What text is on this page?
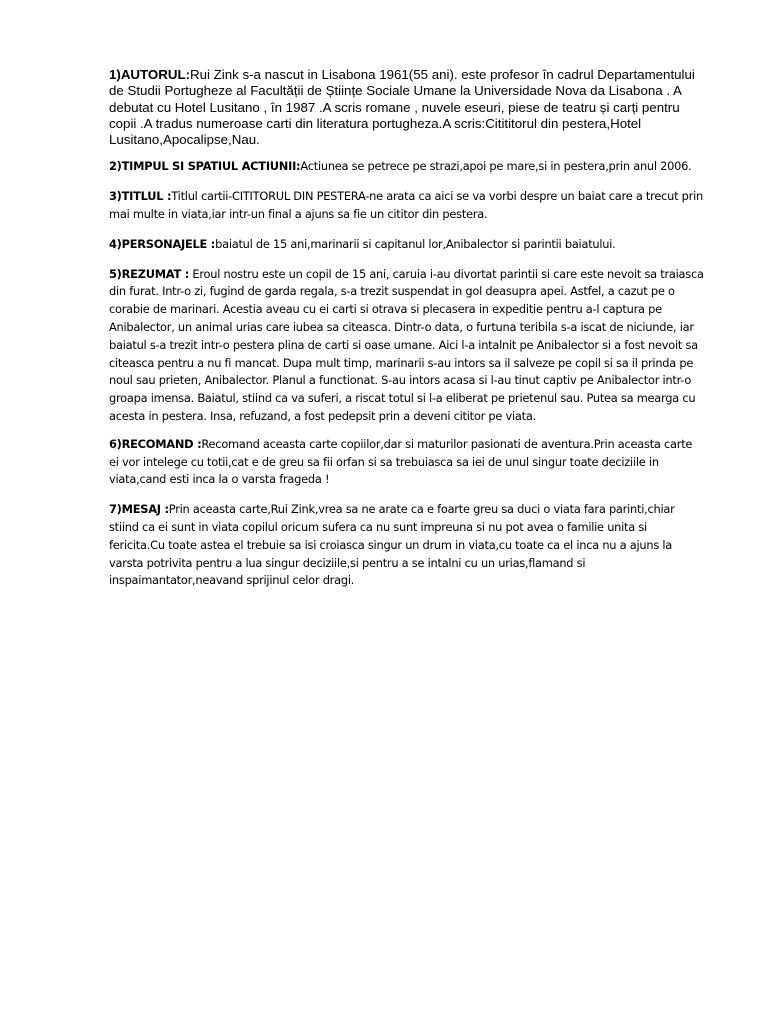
1)AUTORUL:Rui Zink s-a nascut in Lisabona 1961(55 ani). este profesor în cadrul Departamentului de Studii Portugheze al Facultății de Științe Sociale Umane la Universidade Nova da Lisabona . A debutat cu Hotel Lusitano , în 1987 .A scris romane , nuvele eseuri, piese de teatru și carți pentru copii .A tradus numeroase carti din literatura portugheza.A scris:Citititorul din pestera,Hotel Lusitano,Apocalipse,Nau.

2)TIMPUL SI SPATIUL ACTIUNII:Actiunea se petrece pe strazi,apoi pe mare,si in pestera,prin anul 2006.

3)TITLUL :Titlul cartii-CITITORUL DIN PESTERA-ne arata ca aici se va vorbi despre un baiat care a trecut prin mai multe in viata,iar intr-un final a ajuns sa fie un cititor din pestera.

4)PERSONAJELE :baiatul de 15 ani,marinarii si capitanul lor,Anibalector si parintii baiatului.

5)REZUMAT : Eroul nostru este un copil de 15 ani, caruia i-au divortat parintii si care este nevoit sa traiasca din furat. Intr-o zi, fugind de garda regala, s-a trezit suspendat in gol deasupra apei. Astfel, a cazut pe o corabie de marinari. Acestia aveau cu ei carti si otrava si plecasera in expeditie pentru a-l captura pe Anibalector, un animal urias care iubea sa citeasca. Dintr-o data, o furtuna teribila s-a iscat de niciunde, iar baiatul s-a trezit intr-o pestera plina de carti si oase umane. Aici l-a intalnit pe Anibalector si a fost nevoit sa citeasca pentru a nu fi mancat. Dupa mult timp, marinarii s-au intors sa il salveze pe copil si sa il prinda pe noul sau prieten, Anibalector. Planul a functionat. S-au intors acasa si l-au tinut captiv pe Anibalector intr-o groapa imensa. Baiatul, stiind ca va suferi, a riscat totul si l-a eliberat pe prietenul sau. Putea sa mearga cu acesta in pestera. Insa, refuzand, a fost pedepsit prin a deveni cititor pe viata.

6)RECOMAND :Recomand aceasta carte copiilor,dar si maturilor pasionati de aventura.Prin aceasta carte ei vor intelege cu totii,cat e de greu sa fii orfan si sa trebuiasca sa iei de unul singur toate deciziile in viata,cand esti inca la o varsta frageda !

7)MESAJ :Prin aceasta carte,Rui Zink,vrea sa ne arate ca e foarte greu sa duci o viata fara parinti,chiar stiind ca ei sunt in viata copilul oricum sufera ca nu sunt impreuna si nu pot avea o familie unita si fericita.Cu toate astea el trebuie sa isi croiasca singur un drum in viata,cu toate ca el inca nu a ajuns la varsta potrivita pentru a lua singur deciziile,si pentru a se intalni cu un urias,flamand si inspaimantator,neavand sprijinul celor dragi.
